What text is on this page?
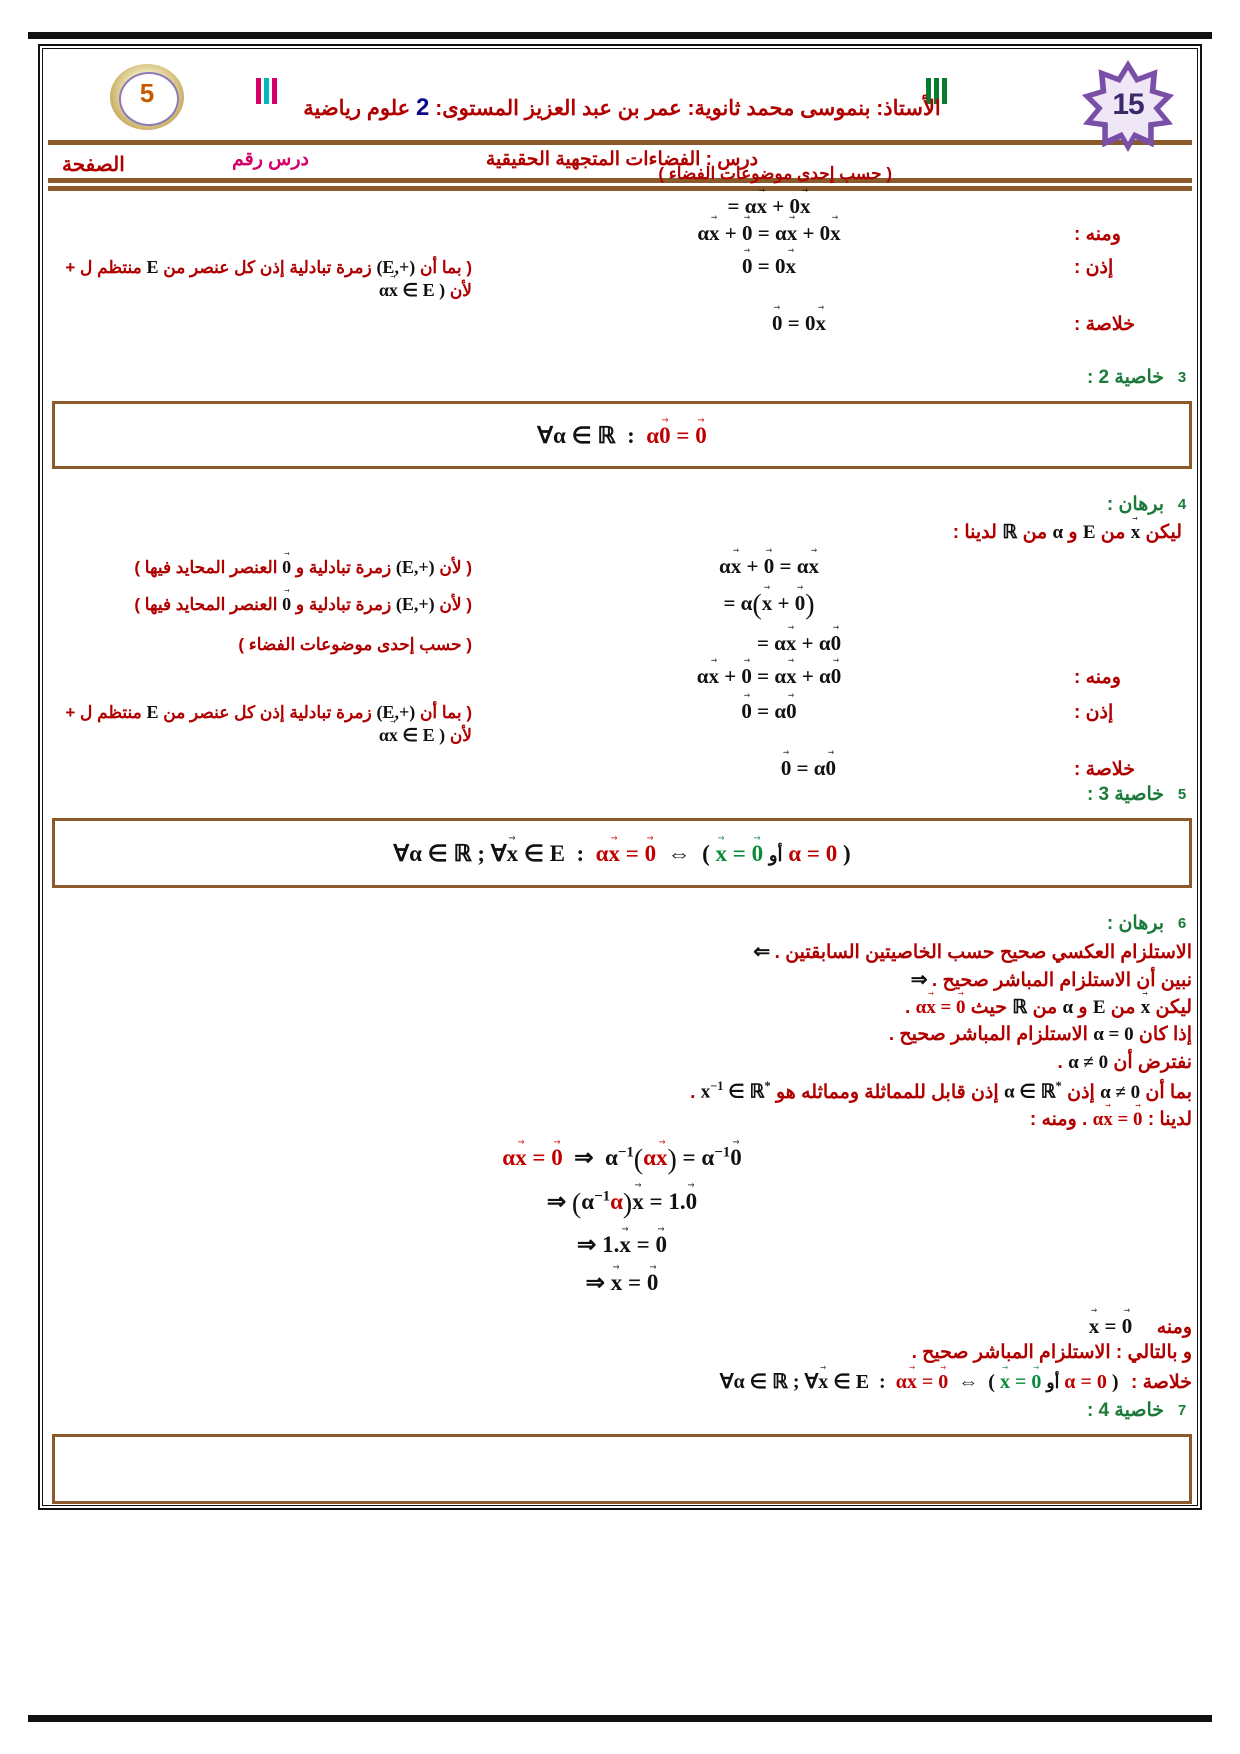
15
5
الأستاذ: بنموسى محمد ثانوية: عمر بن عبد العزيز المستوى: 2 علوم رياضية
درس : الفضاءات المتجهية الحقيقية
درس رقم
الصفحة
= αx → + 0x →
ومنه :
αx → + 0 → = αx → + 0x →
( حسب إحدى موضوعات الفضاء )
إذن :
0 → = 0x →
( بما أن (E,+) زمرة تبادلية إذن كل عنصر من E منتظم ل + لأن αx → ∈ E )
خلاصة :
0 → = 0x →
3
خاصية 2 :
∀α ∈ ℝ  :  α0 → = 0 →
4
برهان :
ليكن x → من E و α من ℝ لدينا :
αx → + 0 → = αx →
( لأن (E,+) زمرة تبادلية و 0 → العنصر المحايد فيها )
= α(x → + 0 →)
( لأن (E,+) زمرة تبادلية و 0 → العنصر المحايد فيها )
= αx → + α0 →
( حسب إحدى موضوعات الفضاء )
ومنه :
αx → + 0 → = αx → + α0 →
إذن :
0 → = α0 →
( بما أن (E,+) زمرة تبادلية إذن كل عنصر من E منتظم ل + لأن αx → ∈ E )
خلاصة :
0 → = α0 →
5
خاصية 3 :
∀α ∈ ℝ ; ∀x → ∈ E  :  αx → = 0 →  ⇔  ( x → = 0 → أو α = 0 )
6
برهان :
الاستلزام العكسي صحيح حسب الخاصيتين السابقتين . ⇐
نبين أن الاستلزام المباشر صحيح . ⇒
ليكن x → من E و α من ℝ حيث αx → = 0 → .
إذا كان α = 0 الاستلزام المباشر صحيح .
نفترض أن α ≠ 0 .
بما أن α ≠ 0 إذن α ∈ ℝ* إذن قابل للمماثلة ومماثله هو $x^{-1}$ ∈ ℝ* .
لدينا : αx → = 0 → . ومنه :
αx → = 0 →  ⇒  $\alpha^{-1}(\alpha x$ →) = $\alpha^{-1}0$ →
⇒ $(\alpha^{-1}\alpha)x$ → = 1.0 →
⇒ 1.x → = 0 →
⇒ x → = 0 →
ومنه x → = 0 →
و بالتالي : الاستلزام المباشر صحيح .
خلاصة : ∀α ∈ ℝ ; ∀x → ∈ E  :  αx → = 0 →  ⇔  ( x → = 0 → أو α = 0 )
7
خاصية 4 :
